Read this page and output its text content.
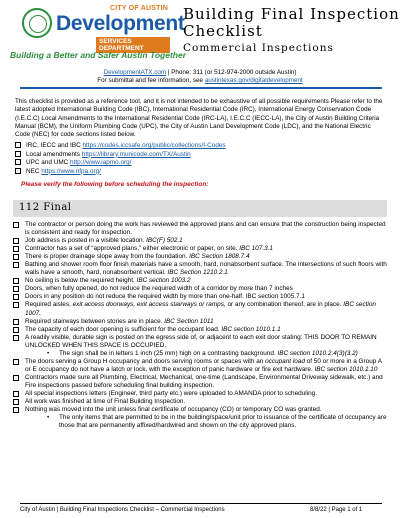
CITY OF AUSTIN
Development
SERVICES DEPARTMENT
Building a Better and Safer Austin Together
Building Final Inspection
Checklist
Commercial Inspections
DevelopmentATX.com | Phone: 311 (or 512-974-2000 outside Austin)
For submittal and fee information, see austintexas.gov/digitaldevelopment
This checklist is provided as a reference tool, and it is not intended to be exhaustive of all possible requirements Please refer to the latest adopted International Building Code (IBC), International Residential Code (IRC), International Energy Conservation Code (I.E.C.C) Local Amendments to the International Residential Code (IRC-LA), I.E.C.C (IECC-LA), the City of Austin Building Criteria Manual (BCM), the Uniform Plumbing Code (UPC), the City of Austin Land Development Code (LDC), and the National Electric Code (NEC) for code sections listed below.
IRC, IECC and IBC https://codes.iccsafe.org/public/collections/I-Codes
Local amendments https://library.municode.com/TX/Austin
UPC and UMC http://www.iapmo.org/
NEC https://www.nfpa.org/
Please verify the following before scheduling the inspection:
112 Final
The contractor or person doing the work has reviewed the approved plans and can ensure that the construction being inspected is consistent and ready for inspection.
Job address is posted in a visible location. IBC(F) 502.1
Contractor has a set of “approved plans,” either electronic or paper, on site. IBC 107.3.1
There is proper drainage slope away from the foundation. IBC Section 1808.7.4
Bathing and shower room floor finish materials have a smooth, hard, nonabsorbent surface. The intersections of such floors with walls have a smooth, hard, nonabsorbent vertical. IBC Section 1210.2.1
No ceiling is below the required height. IBC section 1003.2
Doors, when fully opened, do not reduce the required width of a corridor by more than 7 inches
Doors in any position do not reduce the required width by more than one-half. IBC section 1005.7.1
Required aisles, exit access doorways, exit access stairways or ramps, or any combination thereof, are in place. IBC section 1007.
Required stairways between stories are in place. IBC Section 1011
The capacity of each door opening is sufficient for the occupant load. IBC section 1010.1.1
A readily visible, durable sign is posted on the egress side of, or adjacent to each exit door stating: THIS DOOR TO REMAIN UNLOCKED WHEN THIS SPACE IS OCCUPIED.
• The sign shall be in letters 1 inch (25 mm) high on a contrasting background. IBC section 1010.2.4(3)(3.2)
The doors serving a Group H occupancy and doors serving rooms or spaces with an occupant load of 50 or more in a Group A or E occupancy do not have a latch or lock, with the exception of panic hardware or fire exit hardware. IBC section 1010.1.10
Contractors made sure all Plumbing, Electrical, Mechanical, one-time (Landscape, Environmental Driveway sidewalk, etc.) and Fire inspections passed before scheduling final building inspection.
All special inspections letters (Engineer, third party etc.) were uploaded to AMANDA prior to scheduling.
All work was finished at time of Final Building Inspection.
Nothing was moved into the unit unless final certificate of occupancy (CO) or temporary CO was granted.
• The only items that are permitted to be in the building/space/unit prior to issuance of the certificate of occupancy are those that are permanently affixed/hardwired and shown on the city approved plans.
City of Austin | Building Final Inspections Checklist – Commercial Inspections	8/8/22 | Page 1 of 1
